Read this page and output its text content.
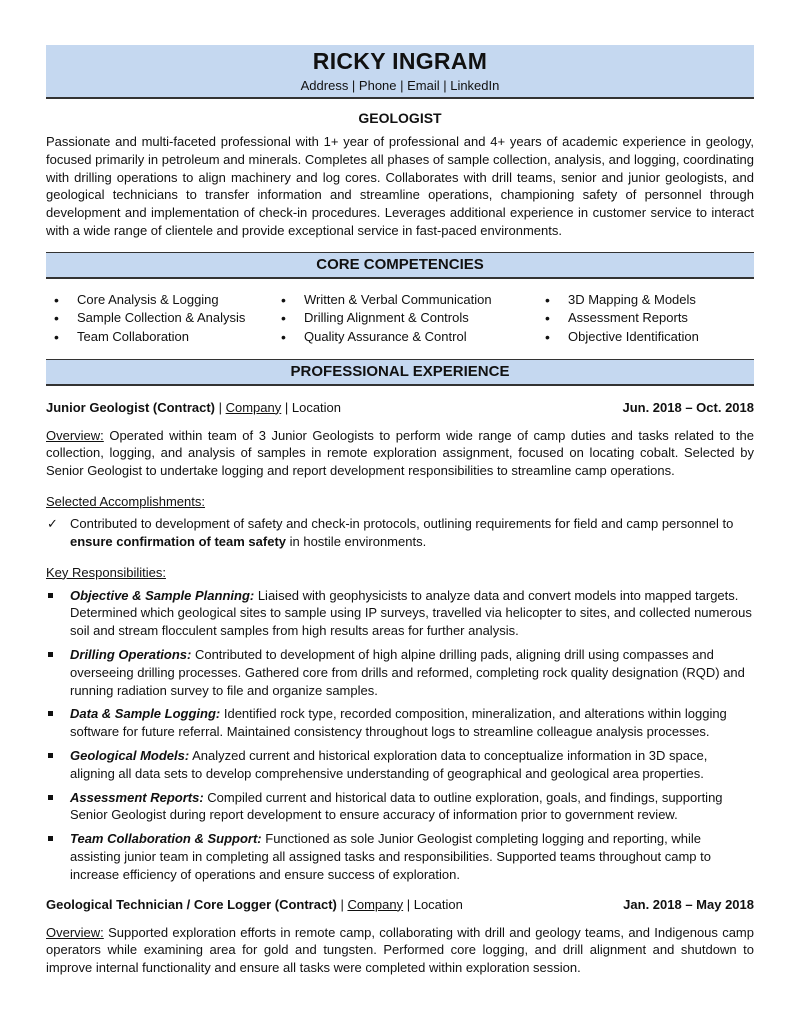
RICKY INGRAM
Address | Phone | Email | LinkedIn
GEOLOGIST
Passionate and multi-faceted professional with 1+ year of professional and 4+ years of academic experience in geology, focused primarily in petroleum and minerals. Completes all phases of sample collection, analysis, and logging, coordinating with drilling operations to align machinery and log cores. Collaborates with drill teams, senior and junior geologists, and geological technicians to transfer information and streamline operations, championing safety of personnel through development and implementation of check-in procedures. Leverages additional experience in customer service to interact with a wide range of clientele and provide exceptional service in fast-paced environments.
CORE COMPETENCIES
• Core Analysis & Logging
• Sample Collection & Analysis
• Team Collaboration
• Written & Verbal Communication
• Drilling Alignment & Controls
• Quality Assurance & Control
• 3D Mapping & Models
• Assessment Reports
• Objective Identification
PROFESSIONAL EXPERIENCE
Junior Geologist (Contract) | Company | Location	Jun. 2018 – Oct. 2018
Overview: Operated within team of 3 Junior Geologists to perform wide range of camp duties and tasks related to the collection, logging, and analysis of samples in remote exploration assignment, focused on locating cobalt. Selected by Senior Geologist to undertake logging and report development responsibilities to streamline camp operations.
Selected Accomplishments:
✓ Contributed to development of safety and check-in protocols, outlining requirements for field and camp personnel to ensure confirmation of team safety in hostile environments.
Key Responsibilities:
Objective & Sample Planning: Liaised with geophysicists to analyze data and convert models into mapped targets. Determined which geological sites to sample using IP surveys, travelled via helicopter to sites, and collected numerous soil and stream flocculent samples from high results areas for further analysis.
Drilling Operations: Contributed to development of high alpine drilling pads, aligning drill using compasses and overseeing drilling processes. Gathered core from drills and reformed, completing rock quality designation (RQD) and running radiation survey to file and organize samples.
Data & Sample Logging: Identified rock type, recorded composition, mineralization, and alterations within logging software for future referral. Maintained consistency throughout logs to streamline colleague analysis processes.
Geological Models: Analyzed current and historical exploration data to conceptualize information in 3D space, aligning all data sets to develop comprehensive understanding of geographical and geological area properties.
Assessment Reports: Compiled current and historical data to outline exploration, goals, and findings, supporting Senior Geologist during report development to ensure accuracy of information prior to government review.
Team Collaboration & Support: Functioned as sole Junior Geologist completing logging and reporting, while assisting junior team in completing all assigned tasks and responsibilities. Supported teams throughout camp to increase efficiency of operations and ensure success of exploration.
Geological Technician / Core Logger (Contract) | Company | Location	Jan. 2018 – May 2018
Overview: Supported exploration efforts in remote camp, collaborating with drill and geology teams, and Indigenous camp operators while examining area for gold and tungsten. Performed core logging, and drill alignment and shutdown to improve internal functionality and ensure all tasks were completed within exploration session.
